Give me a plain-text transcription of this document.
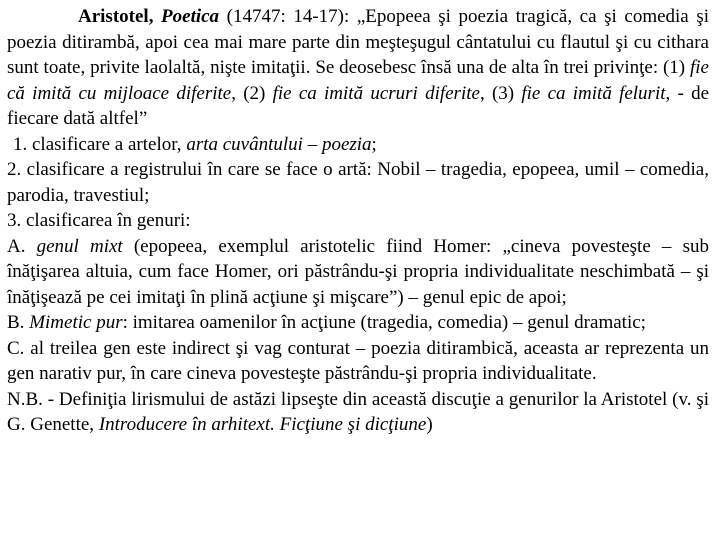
Aristotel, Poetica (14747: 14-17): „Epopeea şi poezia tragică, ca şi comedia şi poezia ditirambă, apoi cea mai mare parte din meşteşugul cântatului cu flautul şi cu cithara sunt toate, privite laolaltă, nişte imitaţii. Se deosebesc însă una de alta în trei privinţe: (1) fie că imită cu mijloace diferite, (2) fie ca imită ucruri diferite, (3) fie ca imită felurit, - de fiecare dată altfel”

1. clasificare a artelor, arta cuvântului – poezia;

2. clasificare a registrului în care se face o artă: Nobil – tragedia, epopeea, umil – comedia, parodia, travestiul;

3. clasificarea în genuri:

A. genul mixt (epopeea, exemplul aristotelic fiind Homer: „cineva povesteşte – sub înăţişarea altuia, cum face Homer, ori păstrându-şi propria individualitate neschimbată – şi înăţişează pe cei imitaţi în plină acţiune şi mişcare”) – genul epic de apoi;

B. Mimetic pur: imitarea oamenilor în acţiune (tragedia, comedia) – genul dramatic;

C. al treilea gen este indirect şi vag conturat – poezia ditirambică, aceasta ar reprezenta un gen narativ pur, în care cineva povesteşte păstrându-şi propria individualitate.

N.B. - Definiţia lirismului de astăzi lipseşte din această discuţie a genurilor la Aristotel (v. şi G. Genette, Introducere în arhitext. Ficţiune şi dicţiune)
